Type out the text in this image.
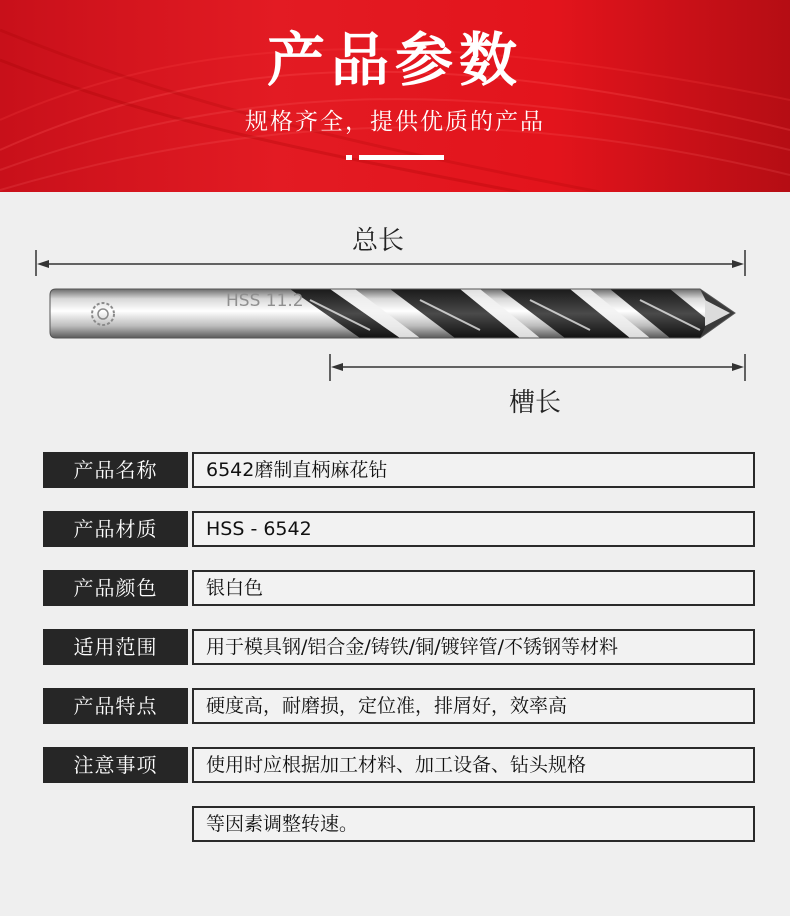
产品参数
规格齐全，提供优质的产品
总长
槽长
HSS 11.2
产品名称	6542磨制直柄麻花钻
产品材质	HSS - 6542
产品颜色	银白色
适用范围	用于模具钢/铝合金/铸铁/铜/镀锌管/不锈钢等材料
产品特点	硬度高，耐磨损，定位准，排屑好，效率高
注意事项	使用时应根据加工材料、加工设备、钻头规格
等因素调整转速。
